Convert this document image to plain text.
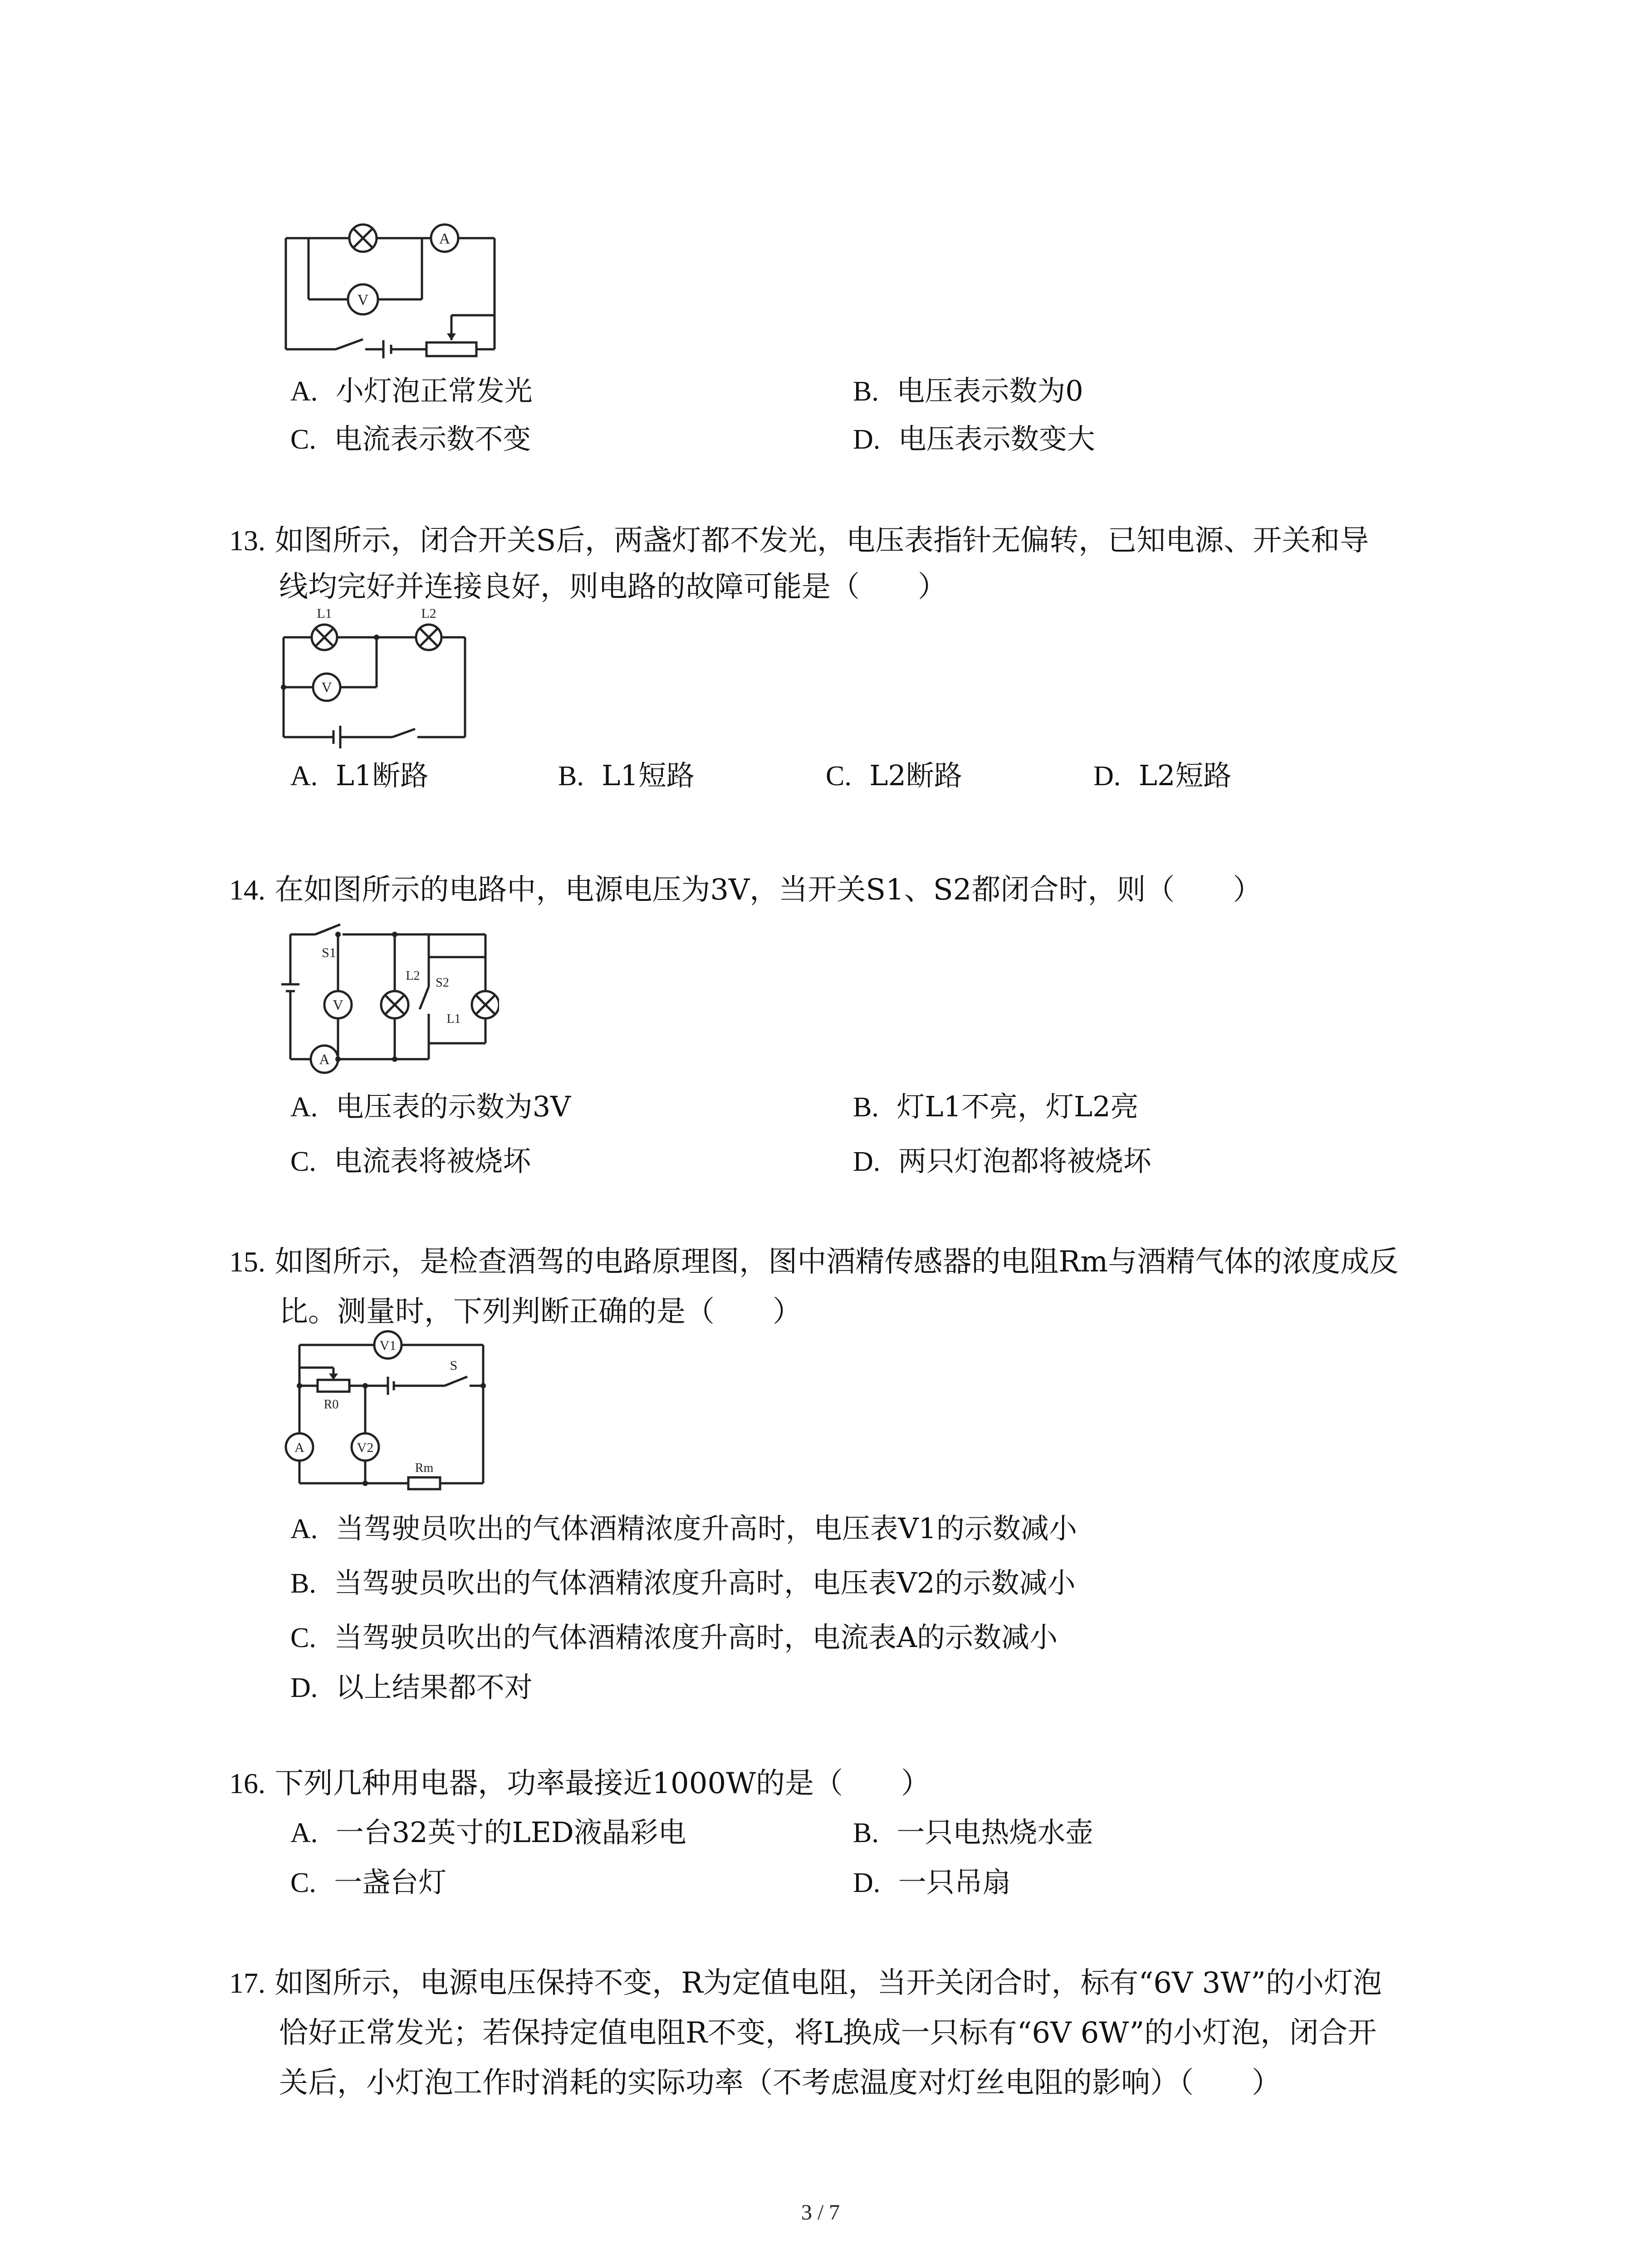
A
V
A. 小灯泡正常发光	B. 电压表示数为0
C. 电流表示数不变	D. 电压表示数变大
13. 如图所示，闭合开关S后，两盏灯都不发光，电压表指针无偏转，已知电源、开关和导
线均完好并连接良好，则电路的故障可能是（　　）
L1	L2
V
A. L1断路	B. L1短路	C. L2断路	D. L2短路
14. 在如图所示的电路中，电源电压为3V，当开关S1、S2都闭合时，则（　　）
S1
V
L2 S2
L1
A
A. 电压表的示数为3V	B. 灯L1不亮，灯L2亮
C. 电流表将被烧坏	D. 两只灯泡都将被烧坏
15. 如图所示，是检查酒驾的电路原理图，图中酒精传感器的电阻Rm与酒精气体的浓度成反
比。测量时，下列判断正确的是（　　）
V1
R0
S
A	V2
Rm
A. 当驾驶员吹出的气体酒精浓度升高时，电压表V1的示数减小
B. 当驾驶员吹出的气体酒精浓度升高时，电压表V2的示数减小
C. 当驾驶员吹出的气体酒精浓度升高时，电流表A的示数减小
D. 以上结果都不对
16. 下列几种用电器，功率最接近1000W的是（　　）
A. 一台32英寸的LED液晶彩电	B. 一只电热烧水壶
C. 一盏台灯	D. 一只吊扇
17. 如图所示，电源电压保持不变，R为定值电阻，当开关闭合时，标有“6V 3W”的小灯泡
恰好正常发光；若保持定值电阻R不变，将L换成一只标有“6V 6W”的小灯泡，闭合开
关后，小灯泡工作时消耗的实际功率（不考虑温度对灯丝电阻的影响）（　　）
3 / 7
